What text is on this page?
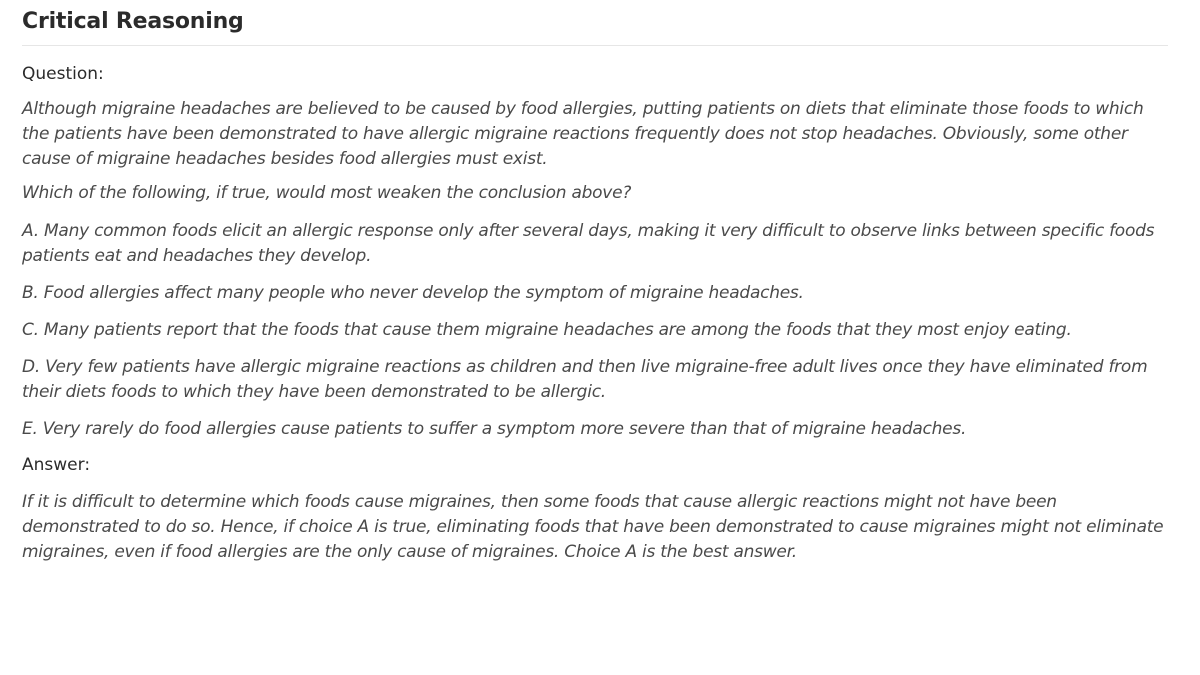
Critical Reasoning
Question:

Although migraine headaches are believed to be caused by food allergies, putting patients on diets that eliminate those foods to which the patients have been demonstrated to have allergic migraine reactions frequently does not stop headaches. Obviously, some other cause of migraine headaches besides food allergies must exist.

Which of the following, if true, would most weaken the conclusion above?

A. Many common foods elicit an allergic response only after several days, making it very difficult to observe links between specific foods patients eat and headaches they develop.

B. Food allergies affect many people who never develop the symptom of migraine headaches.

C. Many patients report that the foods that cause them migraine headaches are among the foods that they most enjoy eating.

D. Very few patients have allergic migraine reactions as children and then live migraine-free adult lives once they have eliminated from their diets foods to which they have been demonstrated to be allergic.

E. Very rarely do food allergies cause patients to suffer a symptom more severe than that of migraine headaches.

Answer:

If it is difficult to determine which foods cause migraines, then some foods that cause allergic reactions might not have been demonstrated to do so. Hence, if choice A is true, eliminating foods that have been demonstrated to cause migraines might not eliminate migraines, even if food allergies are the only cause of migraines. Choice A is the best answer.
